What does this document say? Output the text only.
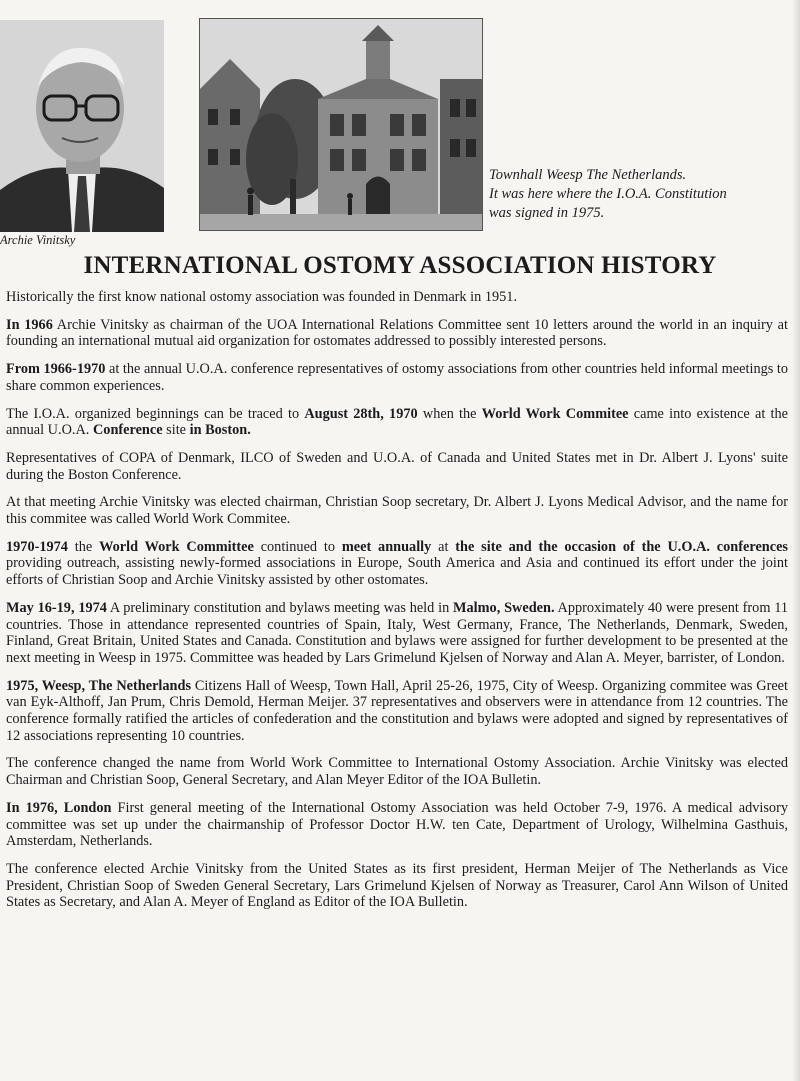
Archie Vinitsky
Townhall Weesp The Netherlands.
It was here where the I.O.A. Constitution
was signed in 1975.
INTERNATIONAL OSTOMY ASSOCIATION HISTORY

Historically the first know national ostomy association was founded in Denmark in 1951.

In 1966 Archie Vinitsky as chairman of the UOA International Relations Committee sent 10 letters around the world in an inquiry at founding an international mutual aid organization for ostomates addressed to possibly interested persons.

From 1966-1970 at the annual U.O.A. conference representatives of ostomy associations from other countries held informal meetings to share common experiences.

The I.O.A. organized beginnings can be traced to August 28th, 1970 when the World Work Commitee came into existence at the annual U.O.A. Conference site in Boston.

Representatives of COPA of Denmark, ILCO of Sweden and U.O.A. of Canada and United States met in Dr. Albert J. Lyons' suite during the Boston Conference.

At that meeting Archie Vinitsky was elected chairman, Christian Soop secretary, Dr. Albert J. Lyons Medical Advisor, and the name for this commitee was called World Work Commitee.

1970-1974 the World Work Committee continued to meet annually at the site and the occasion of the U.O.A. conferences providing outreach, assisting newly-formed associations in Europe, South America and Asia and continued its effort under the joint efforts of Christian Soop and Archie Vinitsky assisted by other ostomates.

May 16-19, 1974 A preliminary constitution and bylaws meeting was held in Malmo, Sweden. Approximately 40 were present from 11 countries. Those in attendance represented countries of Spain, Italy, West Germany, France, The Netherlands, Denmark, Sweden, Finland, Great Britain, United States and Canada. Constitution and bylaws were assigned for further development to be presented at the next meeting in Weesp in 1975. Committee was headed by Lars Grimelund Kjelsen of Norway and Alan A. Meyer, barrister, of London.

1975, Weesp, The Netherlands Citizens Hall of Weesp, Town Hall, April 25-26, 1975, City of Weesp. Organizing commitee was Greet van Eyk-Althoff, Jan Prum, Chris Demold, Herman Meijer. 37 representatives and observers were in attendance from 12 countries. The conference formally ratified the articles of confederation and the constitution and bylaws were adopted and signed by representatives of 12 associations representing 10 countries.

The conference changed the name from World Work Committee to International Ostomy Association. Archie Vinitsky was elected Chairman and Christian Soop, General Secretary, and Alan Meyer Editor of the IOA Bulletin.

In 1976, London First general meeting of the International Ostomy Association was held October 7-9, 1976. A medical advisory committee was set up under the chairmanship of Professor Doctor H.W. ten Cate, Department of Urology, Wilhelmina Gasthuis, Amsterdam, Netherlands.

The conference elected Archie Vinitsky from the United States as its first president, Herman Meijer of The Netherlands as Vice President, Christian Soop of Sweden General Secretary, Lars Grimelund Kjelsen of Norway as Treasurer, Carol Ann Wilson of United States as Secretary, and Alan A. Meyer of England as Editor of the IOA Bulletin.
